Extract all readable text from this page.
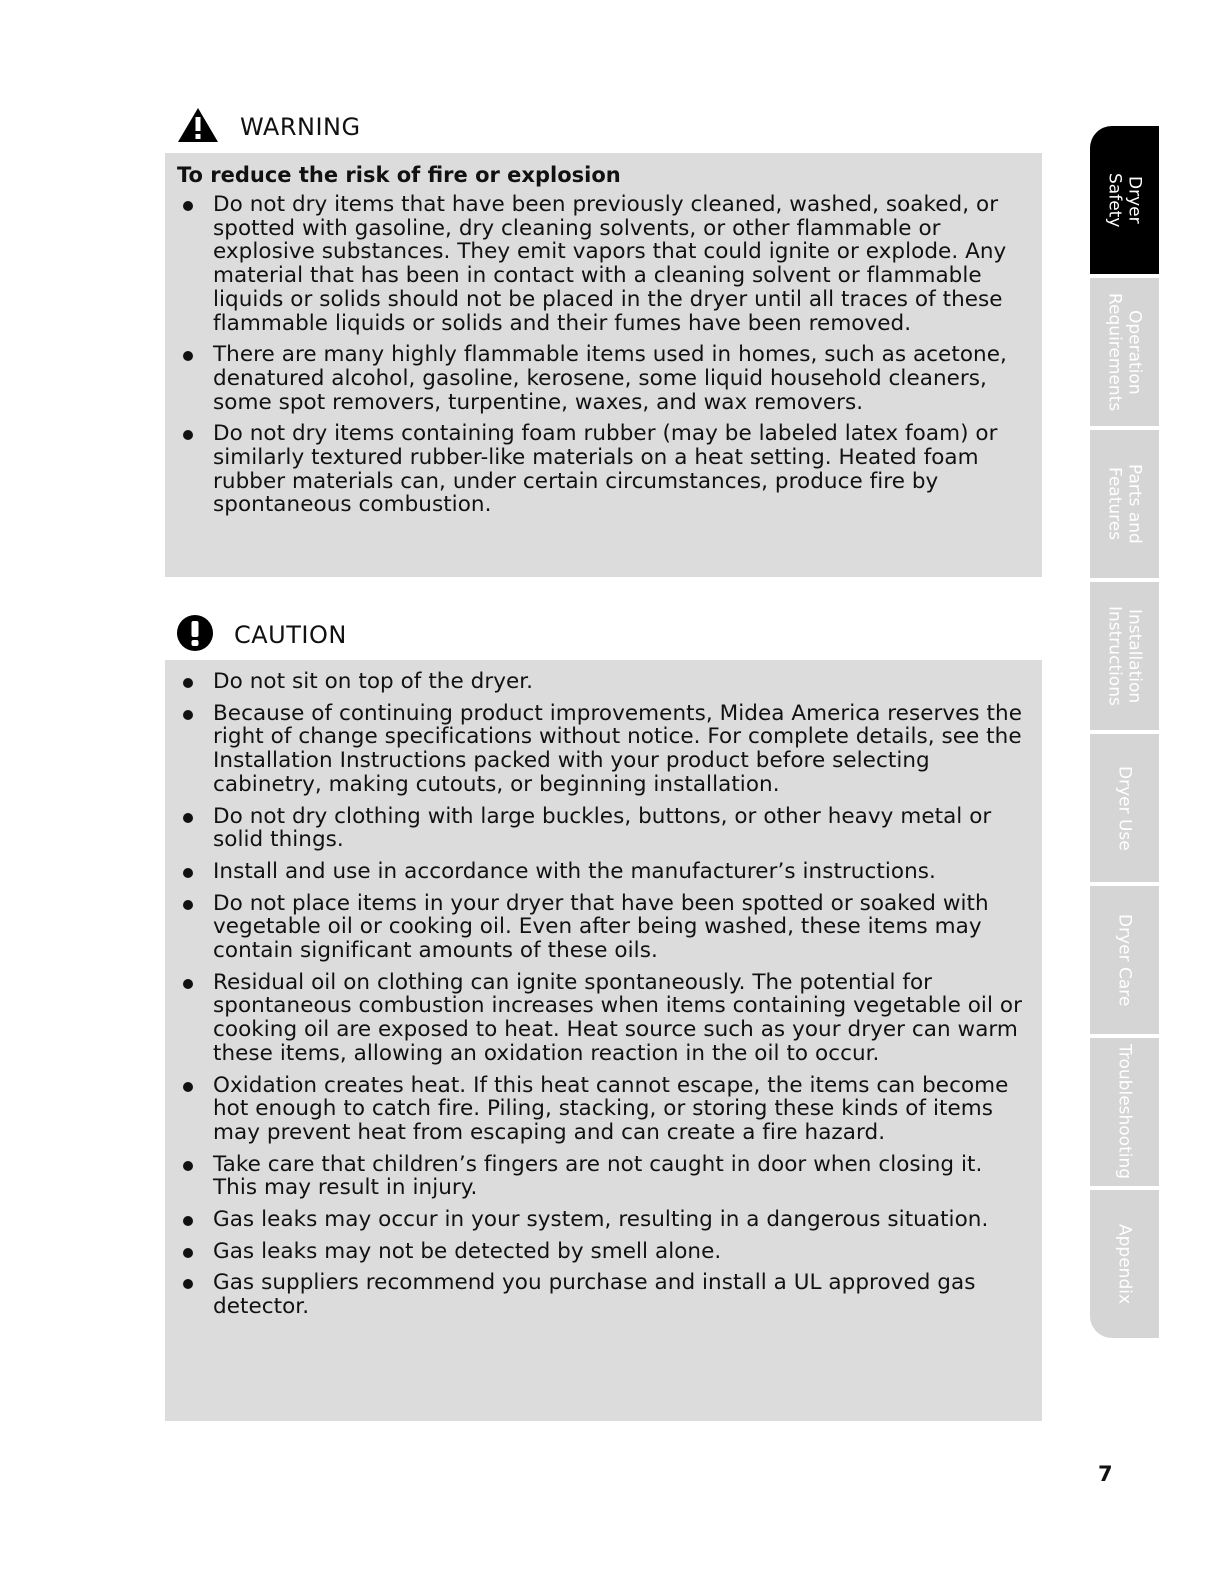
WARNING
To reduce the risk of fire or explosion
Do not dry items that have been previously cleaned, washed, soaked, or spotted with gasoline, dry cleaning solvents, or other flammable or explosive substances. They emit vapors that could ignite or explode. Any material that has been in contact with a cleaning solvent or flammable liquids or solids should not be placed in the dryer until all traces of these flammable liquids or solids and their fumes have been removed.
There are many highly flammable items used in homes, such as acetone, denatured alcohol, gasoline, kerosene, some liquid household cleaners, some spot removers, turpentine, waxes, and wax removers.
Do not dry items containing foam rubber (may be labeled latex foam) or similarly textured rubber-like materials on a heat setting. Heated foam rubber materials can, under certain circumstances, produce fire by spontaneous combustion.
CAUTION
Do not sit on top of the dryer.
Because of continuing product improvements, Midea America reserves the right of change specifications without notice. For complete details, see the Installation Instructions packed with your product before selecting cabinetry, making cutouts, or beginning installation.
Do not dry clothing with large buckles, buttons, or other heavy metal or solid things.
Install and use in accordance with the manufacturer’s instructions.
Do not place items in your dryer that have been spotted or soaked with vegetable oil or cooking oil. Even after being washed, these items may contain significant amounts of these oils.
Residual oil on clothing can ignite spontaneously. The potential for spontaneous combustion increases when items containing vegetable oil or cooking oil are exposed to heat. Heat source such as your dryer can warm these items, allowing an oxidation reaction in the oil to occur.
Oxidation creates heat. If this heat cannot escape, the items can become hot enough to catch fire. Piling, stacking, or storing these kinds of items may prevent heat from escaping and can create a fire hazard.
Take care that children’s fingers are not caught in door when closing it. This may result in injury.
Gas leaks may occur in your system, resulting in a dangerous situation.
Gas leaks may not be detected by smell alone.
Gas suppliers recommend you purchase and install a UL approved gas detector.
Dryer
Safety
Operation
Requirements
Parts and
Features
Installation
Instructions
Dryer Use
Dryer Care
Troubleshooting
Appendix
7
